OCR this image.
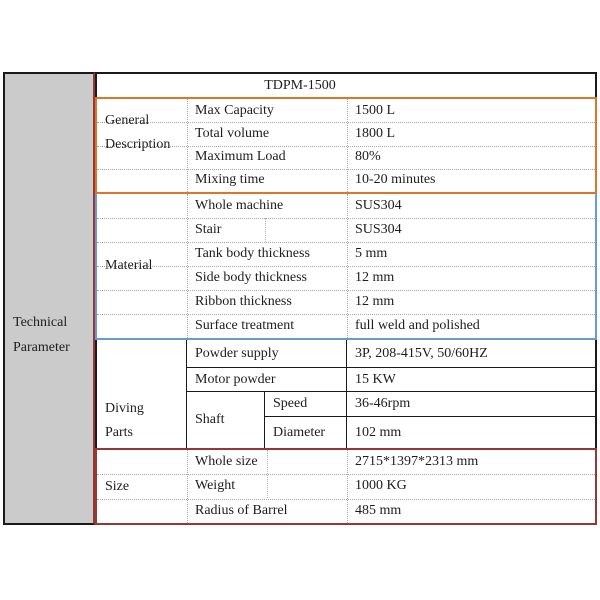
Technical
Parameter
TDPM-1500
General
Description
Max Capacity	1500 L
Total volume	1800 L
Maximum Load	80%
Mixing time	10-20 minutes
Material
Whole machine	SUS304
Stair	SUS304
Tank body thickness	5 mm
Side body thickness	12 mm
Ribbon thickness	12 mm
Surface treatment	full weld and polished
Diving
Parts
Powder supply	3P, 208-415V, 50/60HZ
Motor powder	15 KW
Shaft
Speed	36-46rpm
Diameter	102 mm
Size
Whole size	2715*1397*2313 mm
Weight	1000 KG
Radius of Barrel	485 mm
